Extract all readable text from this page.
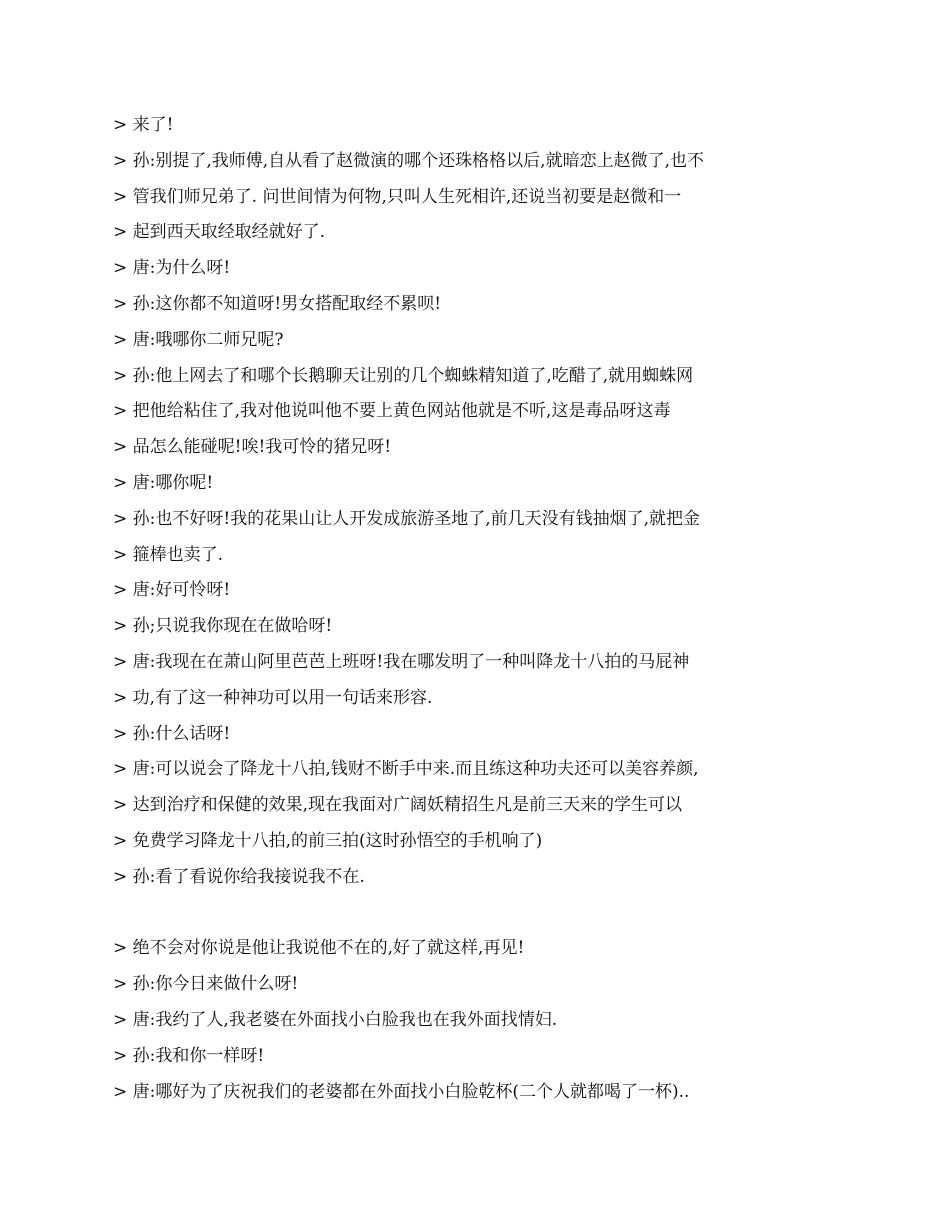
> 来了!
> 孙:别提了,我师傅,自从看了赵微演的哪个还珠格格以后,就暗恋上赵微了,也不
> 管我们师兄弟了. 问世间情为何物,只叫人生死相许,还说当初要是赵微和一
> 起到西天取经取经就好了.
> 唐:为什么呀!
> 孙:这你都不知道呀!男女搭配取经不累呗!
> 唐:哦哪你二师兄呢?
> 孙:他上网去了和哪个长鹅聊天让别的几个蜘蛛精知道了,吃醋了,就用蜘蛛网
> 把他给粘住了,我对他说叫他不要上黄色网站他就是不听,这是毒品呀这毒
> 品怎么能碰呢!唉!我可怜的猪兄呀!
> 唐:哪你呢!
> 孙:也不好呀!我的花果山让人开发成旅游圣地了,前几天没有钱抽烟了,就把金
> 箍棒也卖了.
> 唐:好可怜呀!
> 孙;只说我你现在在做哈呀!
> 唐:我现在在萧山阿里芭芭上班呀!我在哪发明了一种叫降龙十八拍的马屁神
> 功,有了这一种神功可以用一句话来形容.
> 孙:什么话呀!
> 唐:可以说会了降龙十八拍,钱财不断手中来.而且练这种功夫还可以美容养颜,
> 达到治疗和保健的效果,现在我面对广阔妖精招生凡是前三天来的学生可以
> 免费学习降龙十八拍,的前三拍(这时孙悟空的手机响了)
> 孙:看了看说你给我接说我不在.
> 绝不会对你说是他让我说他不在的,好了就这样,再见!
> 孙:你今日来做什么呀!
> 唐:我约了人,我老婆在外面找小白脸我也在我外面找情妇.
> 孙:我和你一样呀!
> 唐:哪好为了庆祝我们的老婆都在外面找小白脸乾杯(二个人就都喝了一杯)..
